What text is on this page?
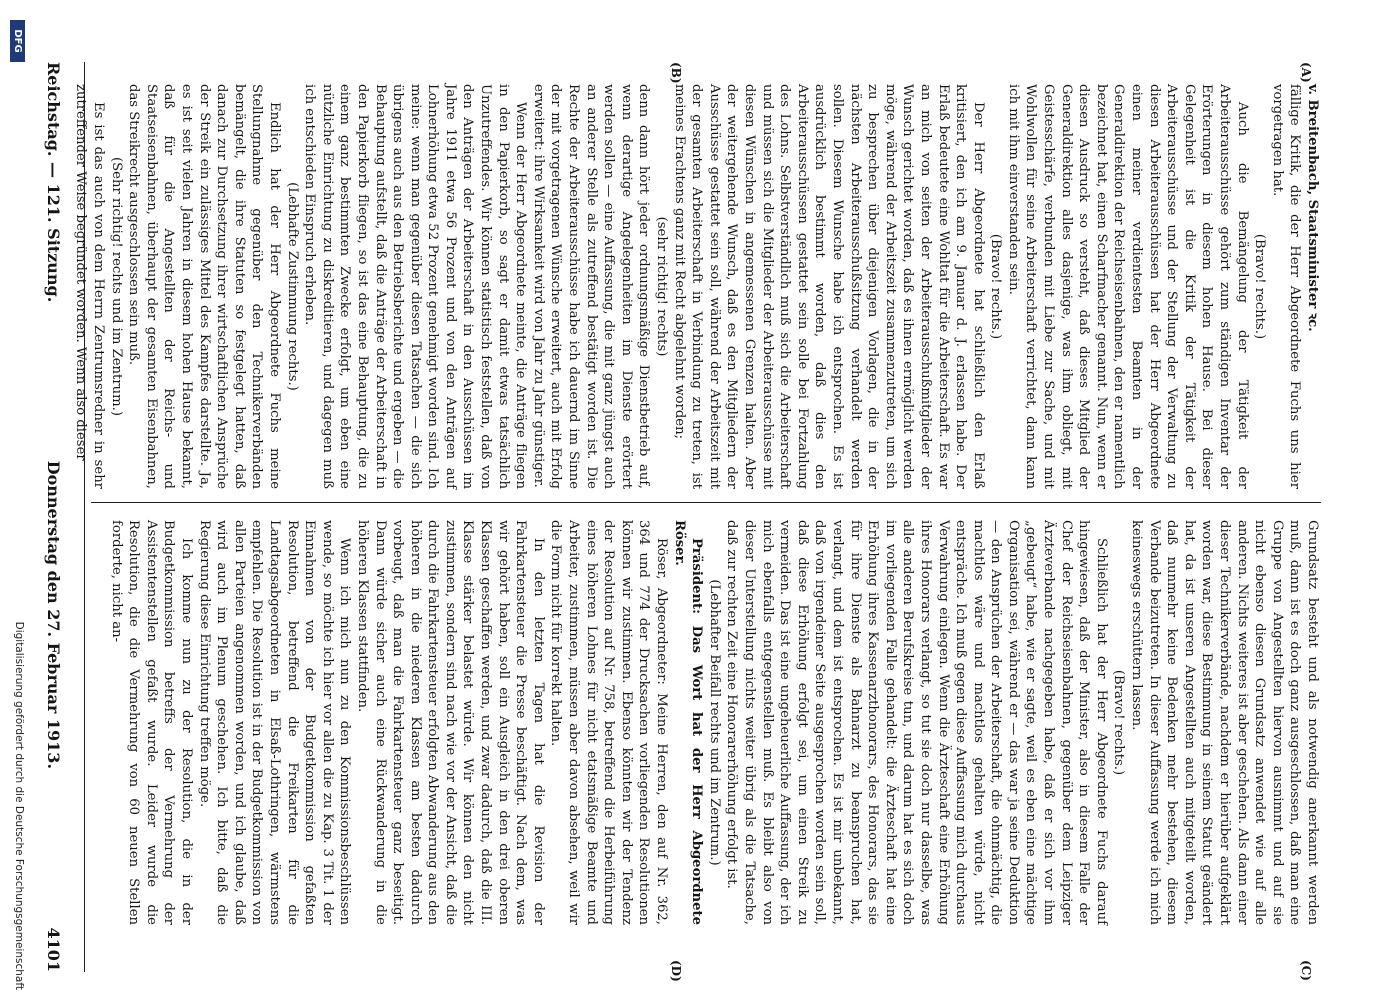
(A)
(B)
(C)
(D)

v. Breitenbach, Staatsminister ꝛc.

fällige Kritik, die der Herr Abgeordnete Fuchs uns hier vorgetragen hat.

(Bravo! rechts.)

Auch die Bemängelung der Tätigkeit der Arbeiterausschüsse gehört zum ständigen Inventar der Erörterungen in diesem hohen Hause. Bei dieser Gelegenheit ist die Kritik der Tätigkeit der Arbeiterausschüsse und der Stellung der Verwaltung zu diesen Arbeiterausschüssen hat der Herr Abgeordnete einen meiner verdientesten Beamten in der Generaldirektion der Reichseisenbahnen, den er namentlich bezeichnet hat, einen Scharfmacher genannt. Nun, wenn er diesen Ausdruck so versteht, daß dieses Mitglied der Generaldirektion alles dasjenige, was ihm obliegt, mit Geistesschärfe, verbunden mit Liebe zur Sache, und mit Wohlwollen für seine Arbeiterschaft verrichtet, dann kann ich mit ihm einverstanden sein.

(Bravo! rechts.)

Der Herr Abgeordnete hat schließlich den Erlaß kritisiert, den ich am 9. Januar d. J. erlassen habe. Der Erlaß bedeutete eine Wohltat für die Arbeiterschaft. Es war an mich von seiten der Arbeiterausschußmitglieder der Wunsch gerichtet worden, daß es ihnen ermöglicht werden möge, während der Arbeitszeit zusammenzutreten, um sich zu besprechen über diejenigen Vorlagen, die in der nächsten Arbeiterausschußsitzung verhandelt werden sollen. Diesem Wunsche habe ich entsprochen. Es ist ausdrücklich bestimmt worden, daß dies den Arbeiterausschüssen gestattet sein solle bei Fortzahlung des Lohns. Selbstverständlich muß sich die Arbeiterschaft und müssen sich die Mitglieder der Arbeiterausschüsse mit diesen Wünschen in angemessenen Grenzen halten. Aber der weitergehende Wunsch, daß es den Mitgliedern der Ausschüsse gestattet sein soll, während der Arbeitszeit mit der gesamten Arbeiterschaft in Verbindung zu treten, ist meines Erachtens ganz mit Recht abgelehnt worden;

(sehr richtig! rechts)

denn dann hört jeder ordnungsmäßige Dienstbetrieb auf, wenn derartige Angelegenheiten im Dienste erörtert werden sollen — eine Auffassung, die mit ganz jüngst auch an anderer Stelle als zutreffend bestätigt worden ist. Die Rechte der Arbeiterausschüsse habe ich dauernd im Sinne der mit vorgetragenen Wünsche erweitert, auch mit Erfolg erweitert: ihre Wirksamkeit wird von Jahr zu Jahr günstiger.

Wenn der Herr Abgeordnete meinte, die Anträge fliegen in den Papierkorb, so sagt er damit etwas tatsächlich Unzutreffendes. Wir können statistisch feststellen, daß von den Anträgen der Arbeiterschaft in den Ausschüssen im Jahre 1911 etwa 56 Prozent und von den Anträgen auf Lohnerhöhung etwa 52 Prozent genehmigt worden sind. Ich meine: wenn man gegenüber diesen Tatsachen — die sich übrigens auch aus den Betriebsberichte und ergeben — die Behauptung aufstellt, daß die Anträge der Arbeiterschaft in den Papierkorb fliegen, so ist das eine Behauptung, die zu einem ganz bestimmten Zwecke erfolgt, um eben eine nützliche Einrichtung zu diskreditieren, und dagegen muß ich entschieden Einspruch erheben.

(Lebhafte Zustimmung rechts.)

Endlich hat der Herr Abgeordnete Fuchs meine Stellungnahme gegenüber den Technikerverbänden bemängelt, die ihre Statuten so festgelegt hatten, daß danach zur Durchsetzung ihrer wirtschaftlichen Ansprüche der Streik ein zulässiges Mittel des Kampfes darstellte. Ja, es ist seit vielen Jahren in diesem hohen Hause bekannt, daß für die Angestellten der Reichs- und Staatseisenbahnen, überhaupt der gesamten Eisenbahnen, das Streikrecht ausgeschlossen sein muß.

(Sehr richtig! rechts und im Zentrum.)

Es ist das auch von dem Herrn Zentrumsredner in sehr zutreffender Weise begründet worden. Wenn also dieser

Grundsatz besteht und als notwendig anerkannt werden muß, dann ist es doch ganz ausgeschlossen, daß man eine Gruppe von Angestellten hiervon ausnimmt und auf sie nicht ebenso diesen Grundsatz anwendet wie auf alle anderen. Nichts weiteres ist aber geschehen. Als dann einer dieser Technikerverbände, nachdem er hierüber aufgeklärt worden war, diese Bestimmung in seinem Statut geändert hat, da ist unseren Angestellten auch mitgeteilt worden, daß nunmehr keine Bedenken mehr bestehen, diesem Verbande beizutreten. In dieser Auffassung werde ich mich keineswegs erschüttern lassen.

(Bravo! rechts.)

Schließlich hat der Herr Abgeordnete Fuchs darauf hingewiesen, daß der Minister, also in diesem Falle der Chef der Reichseisenbahnen, gegenüber dem Leipziger Ärzteverbande nachgegeben habe, daß er sich vor ihm „gebeugt“ habe, wie er sagte, weil es eben eine mächtige Organisation sei, während er — das war ja seine Deduktion — den Ansprüchen der Arbeiterschaft, die ohnmächtig, die machtlos wäre und machtlos gehalten würde, nicht entspräche. Ich muß gegen diese Auffassung mich durchaus Verwahrung einlegen. Wenn die Ärzteschaft eine Erhöhung ihres Honorars verlangt, so tut sie doch nur dasselbe, was alle anderen Berufskreise tun, und darum hat es sich doch im vorliegenden Falle gehandelt: die Ärzteschaft hat eine Erhöhung ihres Kassenarzthonorars, des Honorars, das sie für ihre Dienste als Bahnarzt zu beanspruchen hat, verlangt, und dem ist entsprochen. Es ist mir unbekannt, daß von irgendeiner Seite ausgesprochen worden sein soll, daß diese Erhöhung erfolgt sei, um einen Streik zu vermeiden. Das ist eine ungeheuerliche Auffassung, der ich mich ebenfalls entgegenstellen muß. Es bleibt also von dieser Unterstellung nichts weiter übrig als die Tatsache, daß zur rechten Zeit eine Honorarerhöhung erfolgt ist.

(Lebhafter Beifall rechts und im Zentrum.)

Präsident: Das Wort hat der Herr Abgeordnete Röser.

Röser, Abgeordneter: Meine Herren, den auf Nr. 362, 364 und 774 der Drucksachen vorliegenden Resolutionen können wir zustimmen. Ebenso könnten wir der Tendenz der Resolution auf Nr. 758, betreffend die Herbeiführung eines höheren Lohnes für nicht etatsmäßige Beamte und Arbeiter, zustimmen, müssen aber davon absehen, weil wir die Form nicht für korrekt halten.

In den letzten Tagen hat die Revision der Fahrkartensteuer die Presse beschäftigt. Nach dem, was wir gehört haben, soll ein Ausgleich in den drei oberen Klassen geschaffen werden, und zwar dadurch, daß die III. Klasse stärker belastet würde. Wir können den nicht zustimmen, sondern sind nach wie vor der Ansicht, daß die durch die Fahrkartensteuer erfolgten Abwanderung aus den höheren in die niederen Klassen am besten dadurch vorbeugt, daß man die Fahrkartensteuer ganz beseitigt. Dann würde sicher auch eine Rückwanderung in die höheren Klassen stattfinden.

Wenn ich mich nun zu den Kommissionsbeschlüssen wende, so möchte ich hier vor allen die zu Kap. 3 Tit. 1 der Einnahmen von der Budgetkommission gefaßten Resolution, betreffend die Freikarten für die Landtagsabgeordneten in Elsaß-Lothringen, wärmstens empfehlen. Die Resolution ist in der Budgetkommission von allen Parteien angenommen worden, und ich glaube, daß wird auch im Plenum geschehen. Ich bitte, daß die Regierung diese Einrichtung treffen möge.

Ich komme nun zu der Resolution, die in der Budgetkommission betreffs der Vermehrung der Assistentenstellen gefaßt wurde. Leider wurde die Resolution, die die Vermehrung von 60 neuen Stellen forderte, nicht an-

Reichstag. — 121. Sitzung.
Donnerstag den 27. Februar 1913.
4101
DFG
Digitalisierung gefördert durch die Deutsche Forschungsgemeinschaft
